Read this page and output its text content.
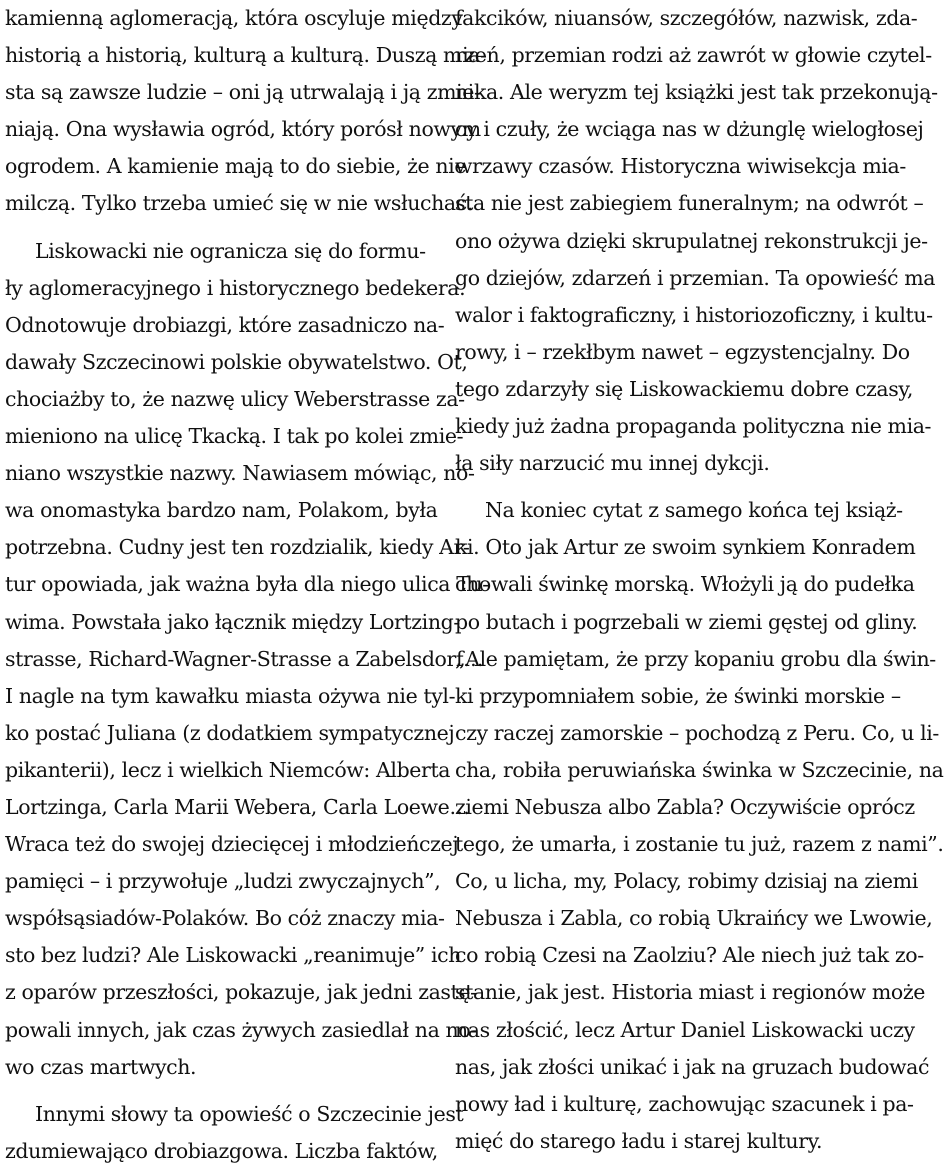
kamienną aglomeracją, która oscyluje między
historią a historią, kulturą a kulturą. Duszą mia-
sta są zawsze ludzie – oni ją utrwalają i ją zmie-
niają. Ona wysławia ogród, który porósł nowym
ogrodem. A kamienie mają to do siebie, że nie
milczą. Tylko trzeba umieć się w nie wsłuchać.
Liskowacki nie ogranicza się do formu-
ły aglomeracyjnego i historycznego bedekera.
Odnotowuje drobiazgi, które zasadniczo na-
dawały Szczecinowi polskie obywatelstwo. Ot,
chociażby to, że nazwę ulicy Weberstrasse za-
mieniono na ulicę Tkacką. I tak po kolei zmie-
niano wszystkie nazwy. Nawiasem mówiąc, no-
wa onomastyka bardzo nam, Polakom, była
potrzebna. Cudny jest ten rozdzialik, kiedy Ar-
tur opowiada, jak ważna była dla niego ulica Tu-
wima. Powstała jako łącznik między Lortzing-
strasse, Richard-Wagner-Strasse a Zabelsdorf…
I nagle na tym kawałku miasta ożywa nie tyl-
ko postać Juliana (z dodatkiem sympatycznej
pikanterii), lecz i wielkich Niemców: Alberta
Lortzinga, Carla Marii Webera, Carla Loewe…
Wraca też do swojej dziecięcej i młodzieńczej
pamięci – i przywołuje „ludzi zwyczajnych”,
współsąsiadów-Polaków. Bo cóż znaczy mia-
sto bez ludzi? Ale Liskowacki „reanimuje” ich
z oparów przeszłości, pokazuje, jak jedni zastę-
powali innych, jak czas żywych zasiedlał na no-
wo czas martwych.
Innymi słowy ta opowieść o Szczecinie jest
zdumiewająco drobiazgowa. Liczba faktów,
fakcików, niuansów, szczegółów, nazwisk, zda-
rzeń, przemian rodzi aż zawrót w głowie czytel-
nika. Ale weryzm tej książki jest tak przekonują-
cy i czuły, że wciąga nas w dżunglę wielogłosej
wrzawy czasów. Historyczna wiwisekcja mia-
sta nie jest zabiegiem funeralnym; na odwrót –
ono ożywa dzięki skrupulatnej rekonstrukcji je-
go dziejów, zdarzeń i przemian. Ta opowieść ma
walor i faktograficzny, i historiozoficzny, i kultu-
rowy, i – rzekłbym nawet – egzystencjalny. Do
tego zdarzyły się Liskowackiemu dobre czasy,
kiedy już żadna propaganda polityczna nie mia-
ła siły narzucić mu innej dykcji.
Na koniec cytat z samego końca tej książ-
ki. Oto jak Artur ze swoim synkiem Konradem
chowali świnkę morską. Włożyli ją do pudełka
po butach i pogrzebali w ziemi gęstej od gliny.
„Ale pamiętam, że przy kopaniu grobu dla świn-
ki przypomniałem sobie, że świnki morskie –
czy raczej zamorskie – pochodzą z Peru. Co, u li-
cha, robiła peruwiańska świnka w Szczecinie, na
ziemi Nebusza albo Zabla? Oczywiście oprócz
tego, że umarła, i zostanie tu już, razem z nami”.
Co, u licha, my, Polacy, robimy dzisiaj na ziemi
Nebusza i Zabla, co robią Ukraińcy we Lwowie,
co robią Czesi na Zaolziu? Ale niech już tak zo-
stanie, jak jest. Historia miast i regionów może
nas złościć, lecz Artur Daniel Liskowacki uczy
nas, jak złości unikać i jak na gruzach budować
nowy ład i kulturę, zachowując szacunek i pa-
mięć do starego ładu i starej kultury.
